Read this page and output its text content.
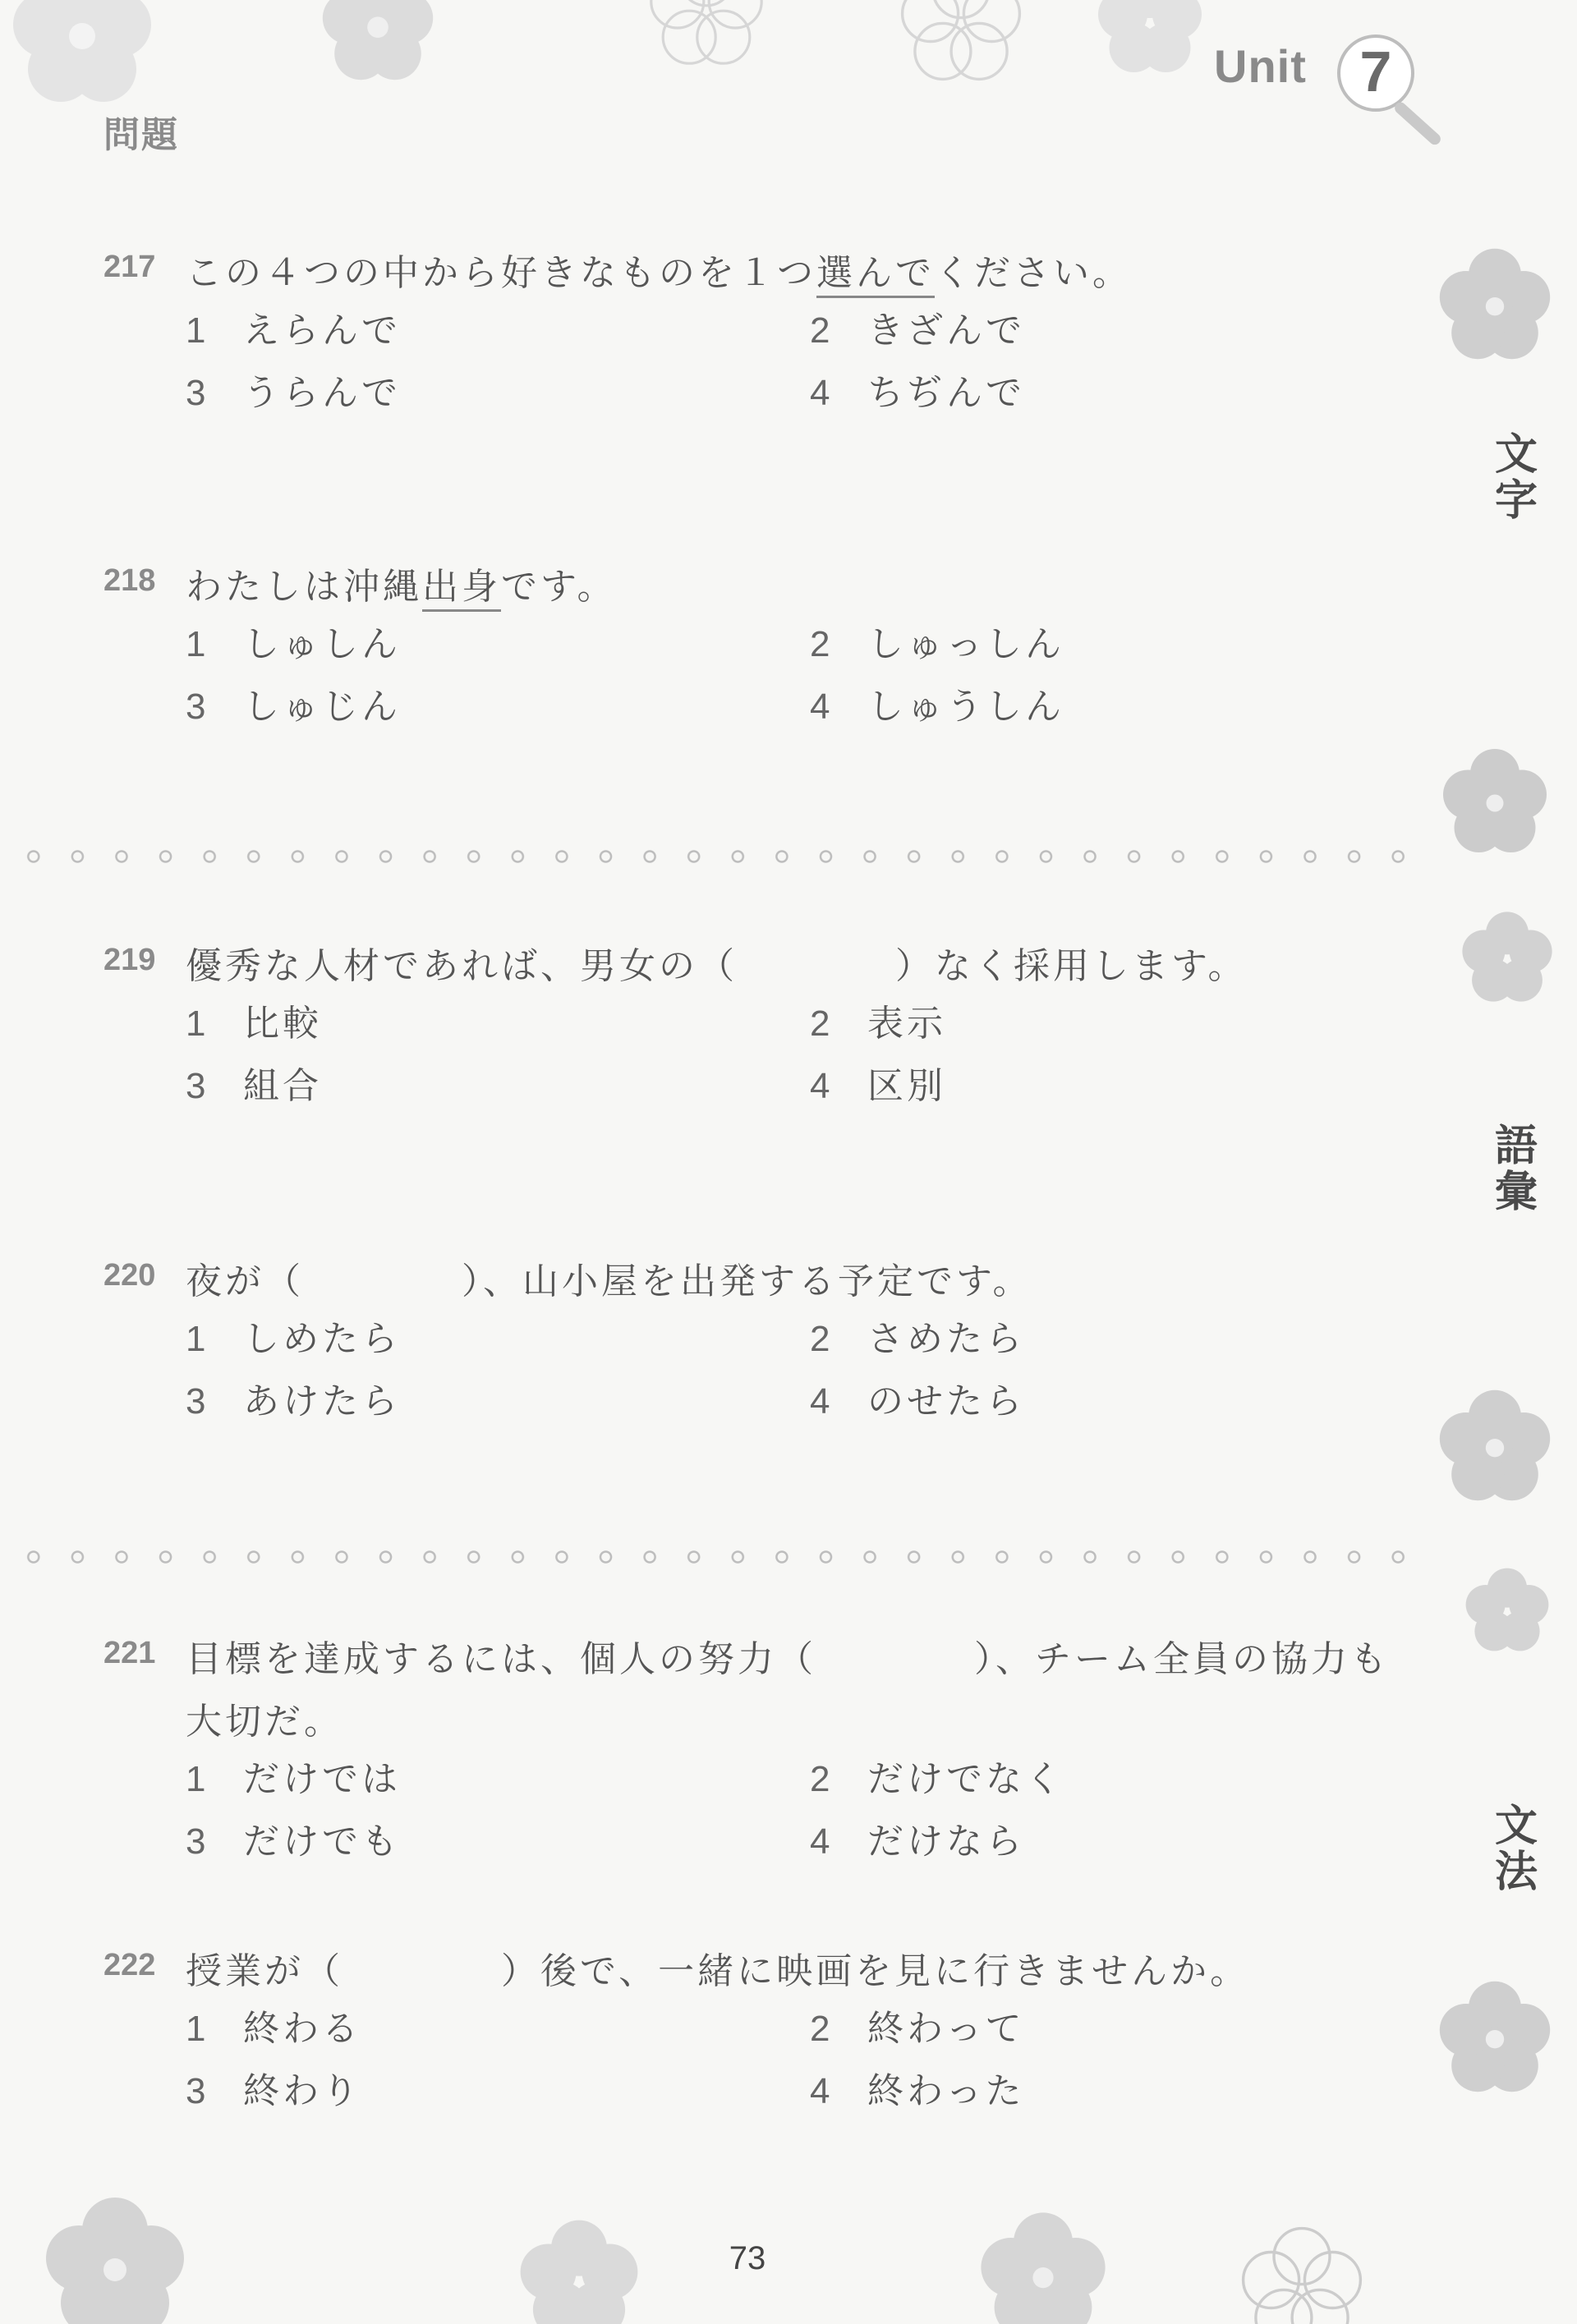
Unit 7
問題
文
字
語
彙
文
法
217 この４つの中から好きなものを１つ選んでください。
1 えらんで	2 きざんで
3 うらんで	4 ちぢんで
218 わたしは沖縄出身です。
1 しゅしん	2 しゅっしん
3 しゅじん	4 しゅうしん
219 優秀な人材であれば、男女の（　　　　）なく採用します。
1 比較	2 表示
3 組合	4 区別
220 夜が（　　　　）、山小屋を出発する予定です。
1 しめたら	2 さめたら
3 あけたら	4 のせたら
221 目標を達成するには、個人の努力（　　　　）、チーム全員の協力も
大切だ。
1 だけでは	2 だけでなく
3 だけでも	4 だけなら
222 授業が（　　　　）後で、一緒に映画を見に行きませんか。
1 終わる	2 終わって
3 終わり	4 終わった
73
